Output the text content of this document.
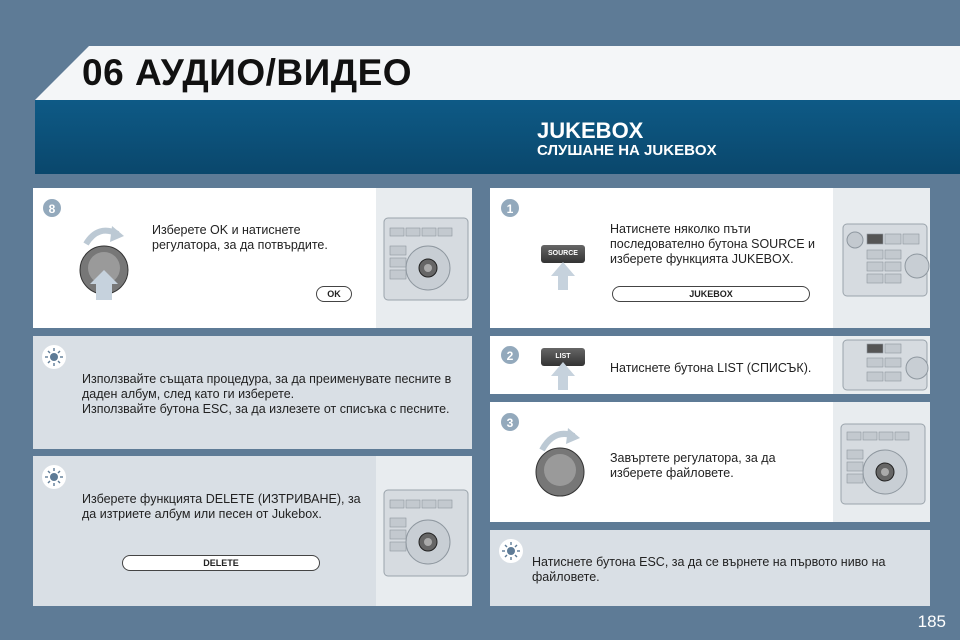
06 АУДИО/ВИДЕО
JUKEBOX
СЛУШАНЕ НА JUKEBOX
8
Изберете OK и натиснете регулатора, за да потвърдите.
OK
Използвайте същата процедура, за да преименувате песните в даден албум, след като ги изберете.
Използвайте бутона ESC, за да излезете от списъка с песните.
Изберете функцията DELETE (ИЗТРИВАНЕ), за да изтриете албум или песен от Jukebox.
DELETE
1
SOURCE
Натиснете няколко пъти последователно бутона SOURCE и изберете функцията JUKEBOX.
JUKEBOX
2	LIST
Натиснете бутона LIST (СПИСЪК).
3
Завъртете регулатора, за да изберете файловете.
Натиснете бутона ESC, за да се върнете на първото ниво на файловете.
185
